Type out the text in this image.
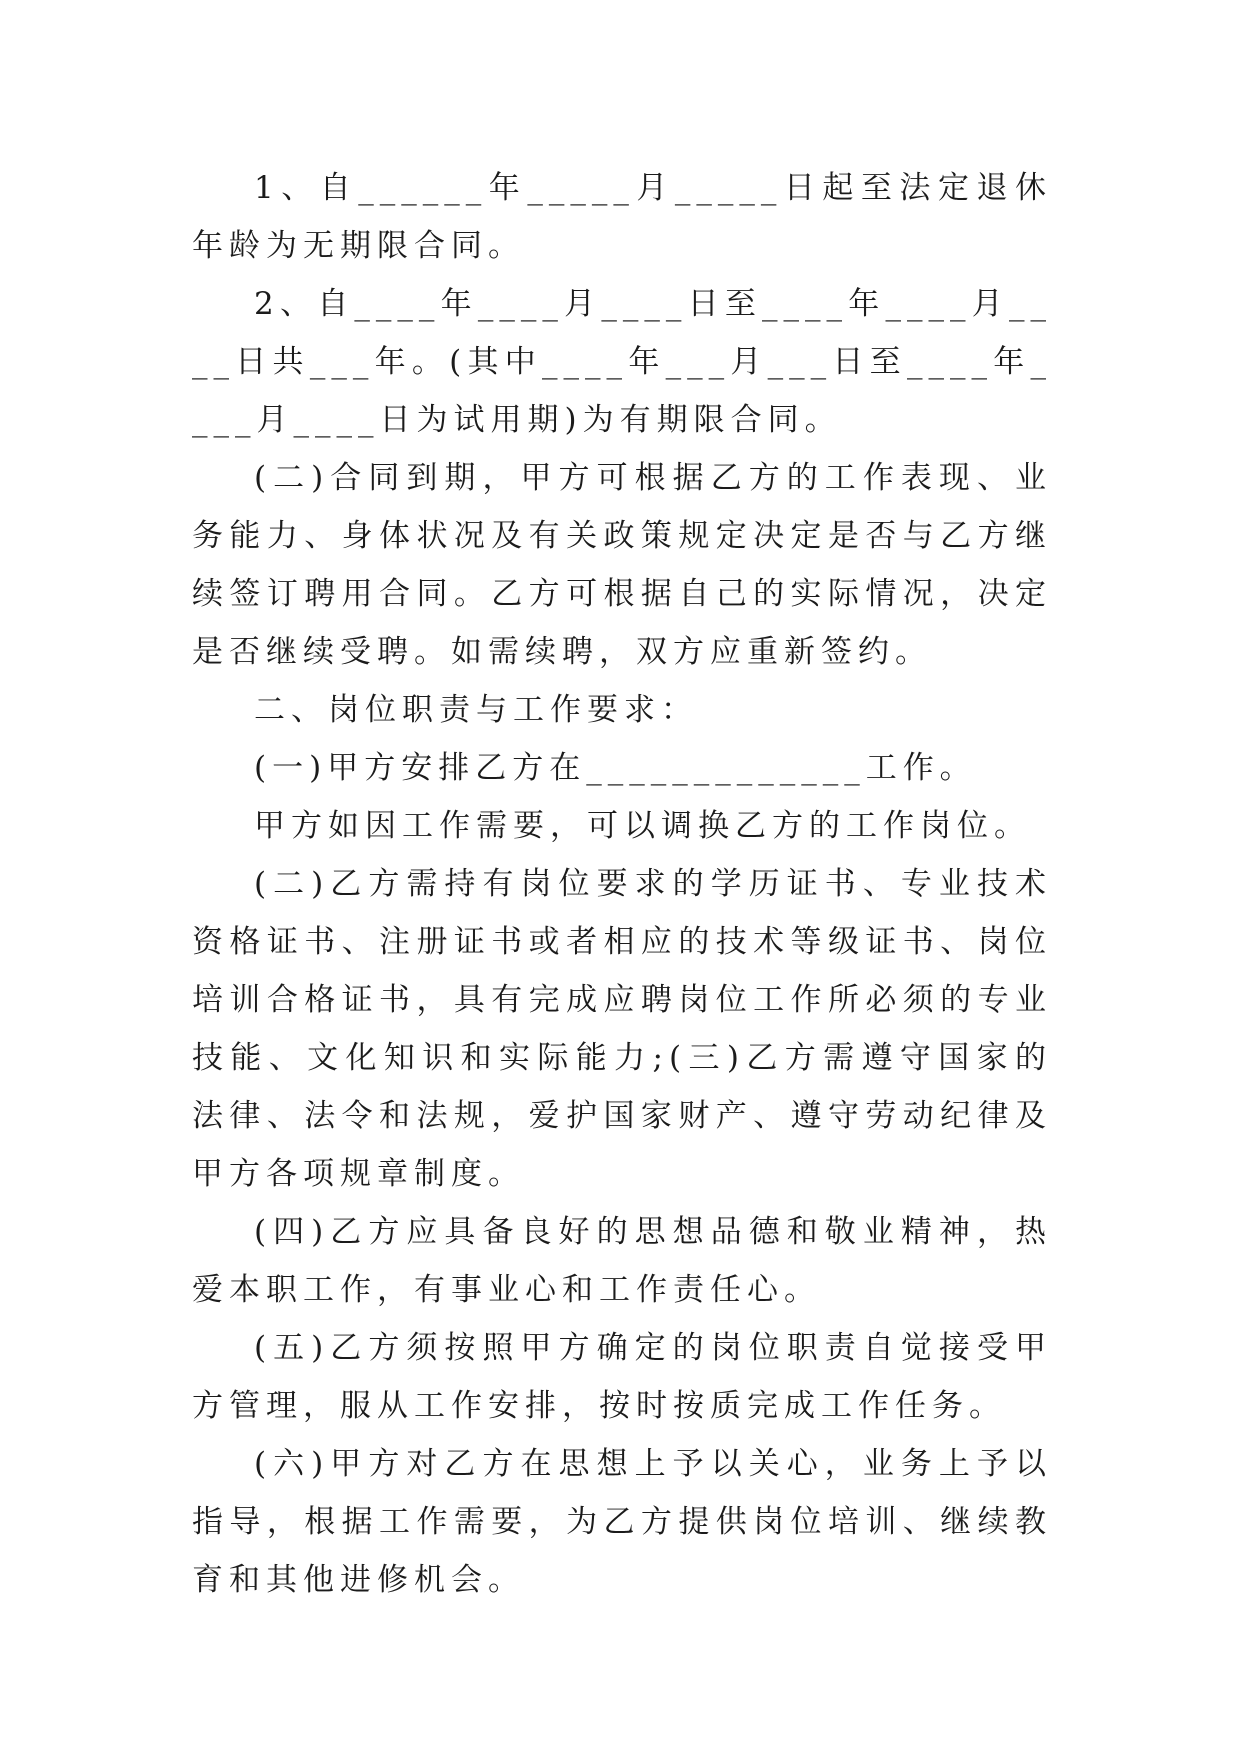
1、自______年_____月_____日起至法定退休年龄为无期限合同。

2、自____年____月____日至____年____月____日共___年。(其中____年___月___日至____年____月____日为试用期)为有期限合同。

(二)合同到期，甲方可根据乙方的工作表现、业务能力、身体状况及有关政策规定决定是否与乙方继续签订聘用合同。乙方可根据自己的实际情况，决定是否继续受聘。如需续聘，双方应重新签约。

二、岗位职责与工作要求：

(一)甲方安排乙方在_____________工作。

甲方如因工作需要，可以调换乙方的工作岗位。

(二)乙方需持有岗位要求的学历证书、专业技术资格证书、注册证书或者相应的技术等级证书、岗位培训合格证书，具有完成应聘岗位工作所必须的专业技能、文化知识和实际能力;(三)乙方需遵守国家的法律、法令和法规，爱护国家财产、遵守劳动纪律及甲方各项规章制度。

(四)乙方应具备良好的思想品德和敬业精神，热爱本职工作，有事业心和工作责任心。

(五)乙方须按照甲方确定的岗位职责自觉接受甲方管理，服从工作安排，按时按质完成工作任务。

(六)甲方对乙方在思想上予以关心，业务上予以指导，根据工作需要，为乙方提供岗位培训、继续教育和其他进修机会。
